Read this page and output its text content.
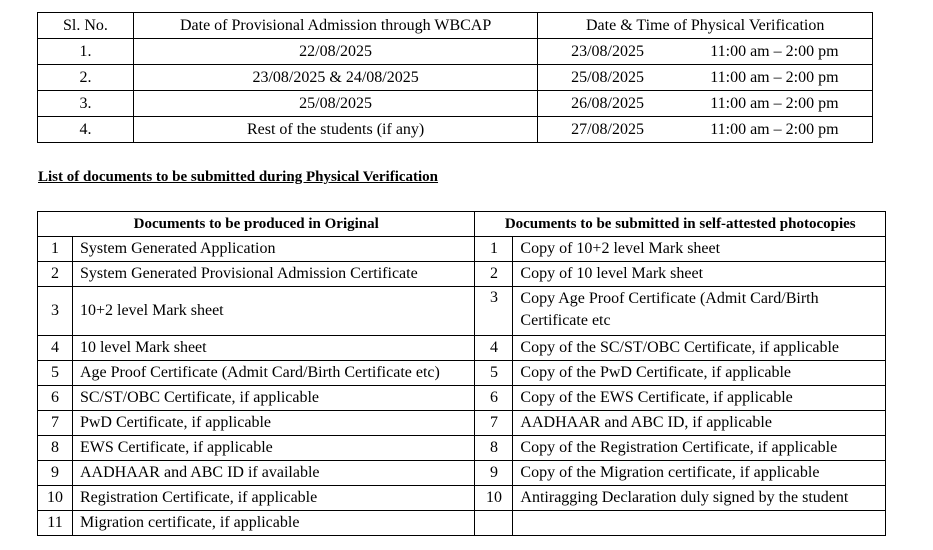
Sl. No.	Date of Provisional Admission through WBCAP	Date & Time of Physical Verification	
1.	22/08/2025	23/08/2025	11:00 am – 2:00 pm
2.	23/08/2025 & 24/08/2025	25/08/2025	11:00 am – 2:00 pm
3.	25/08/2025	26/08/2025	11:00 am – 2:00 pm
4.	Rest of the students (if any)	27/08/2025	11:00 am – 2:00 pm

List of documents to be submitted during Physical Verification

Documents to be produced in Original		Documents to be submitted in self-attested photocopies	
1	System Generated Application	1	Copy of 10+2 level Mark sheet
2	System Generated Provisional Admission Certificate	2	Copy of 10 level Mark sheet
3	10+2 level Mark sheet	3	Copy Age Proof Certificate (Admit Card/Birth Certificate etc
4	10 level Mark sheet	4	Copy of the SC/ST/OBC Certificate, if applicable
5	Age Proof Certificate (Admit Card/Birth Certificate etc)	5	Copy of the PwD Certificate, if applicable
6	SC/ST/OBC Certificate, if applicable	6	Copy of the EWS Certificate, if applicable
7	PwD Certificate, if applicable	7	AADHAAR and ABC ID, if applicable
8	EWS Certificate, if applicable	8	Copy of the Registration Certificate, if applicable
9	AADHAAR and ABC ID if available	9	Copy of the Migration certificate, if applicable
10	Registration Certificate, if applicable	10	Antiragging Declaration duly signed by the student
11	Migration certificate, if applicable		
